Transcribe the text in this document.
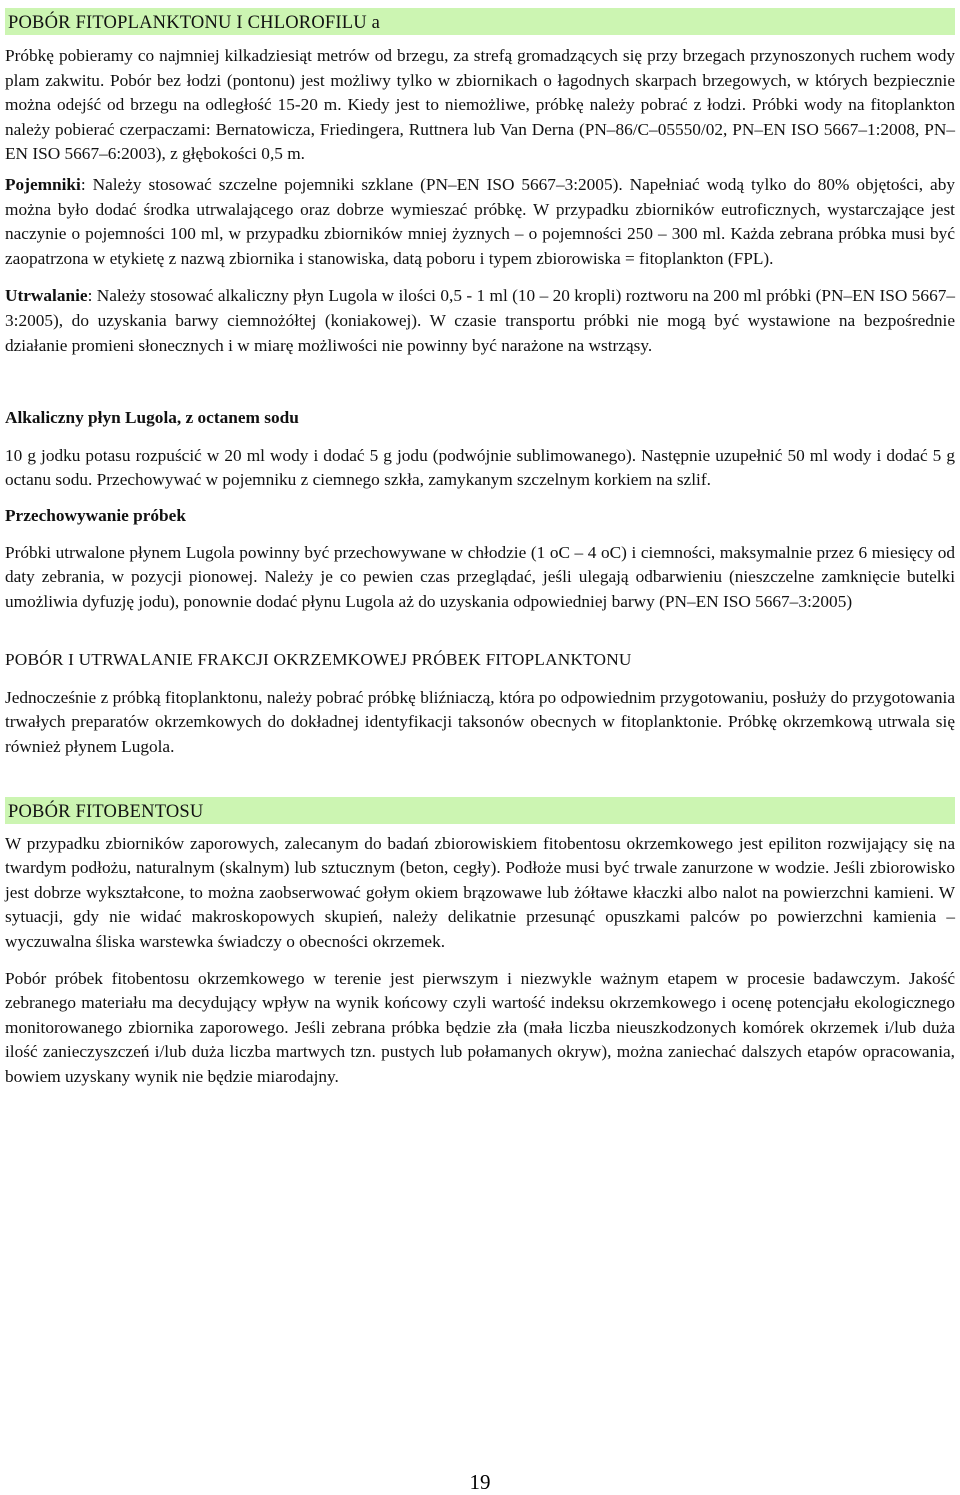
POBÓR FITOPLANKTONU I CHLOROFILU a

Próbkę pobieramy co najmniej kilkadziesiąt metrów od brzegu, za strefą gromadzących się przy brzegach przynoszonych ruchem wody plam zakwitu. Pobór bez łodzi (pontonu) jest możliwy tylko w zbiornikach o łagodnych skarpach brzegowych, w których bezpiecznie można odejść od brzegu na odległość 15-20 m. Kiedy jest to niemożliwe, próbkę należy pobrać z łodzi. Próbki wody na fitoplankton należy pobierać czerpaczami: Bernatowicza, Friedingera, Ruttnera lub Van Derna (PN–86/C–05550/02, PN–EN ISO 5667–1:2008, PN–EN ISO 5667–6:2003), z głębokości 0,5 m.

Pojemniki: Należy stosować szczelne pojemniki szklane (PN–EN ISO 5667–3:2005). Napełniać wodą tylko do 80% objętości, aby można było dodać środka utrwalającego oraz dobrze wymieszać próbkę. W przypadku zbiorników eutroficznych, wystarczające jest naczynie o pojemności 100 ml, w przypadku zbiorników mniej żyznych – o pojemności 250 – 300 ml. Każda zebrana próbka musi być zaopatrzona w etykietę z nazwą zbiornika i stanowiska, datą poboru i typem zbiorowiska = fitoplankton (FPL).

Utrwalanie: Należy stosować alkaliczny płyn Lugola w ilości 0,5 - 1 ml (10 – 20 kropli) roztworu na 200 ml próbki (PN–EN ISO 5667–3:2005), do uzyskania barwy ciemnożółtej (koniakowej). W czasie transportu próbki nie mogą być wystawione na bezpośrednie działanie promieni słonecznych i w miarę możliwości nie powinny być narażone na wstrząsy.

Alkaliczny płyn Lugola, z octanem sodu

10 g jodku potasu rozpuścić w 20 ml wody i dodać 5 g jodu (podwójnie sublimowanego). Następnie uzupełnić 50 ml wody i dodać 5 g octanu sodu. Przechowywać w pojemniku z ciemnego szkła, zamykanym szczelnym korkiem na szlif.

Przechowywanie próbek

Próbki utrwalone płynem Lugola powinny być przechowywane w chłodzie (1 oC – 4 oC) i ciemności, maksymalnie przez 6 miesięcy od daty zebrania, w pozycji pionowej. Należy je co pewien czas przeglądać, jeśli ulegają odbarwieniu (nieszczelne zamknięcie butelki umożliwia dyfuzję jodu), ponownie dodać płynu Lugola aż do uzyskania odpowiedniej barwy (PN–EN ISO 5667–3:2005)

POBÓR I UTRWALANIE FRAKCJI OKRZEMKOWEJ PRÓBEK FITOPLANKTONU

Jednocześnie z próbką fitoplanktonu, należy pobrać próbkę bliźniaczą, która po odpowiednim przygotowaniu, posłuży do przygotowania trwałych preparatów okrzemkowych do dokładnej identyfikacji taksonów obecnych w fitoplanktonie. Próbkę okrzemkową utrwala się również płynem Lugola.

POBÓR FITOBENTOSU

W przypadku zbiorników zaporowych, zalecanym do badań zbiorowiskiem fitobentosu okrzemkowego jest epiliton rozwijający się na twardym podłożu, naturalnym (skalnym) lub sztucznym (beton, cegły). Podłoże musi być trwale zanurzone w wodzie. Jeśli zbiorowisko jest dobrze wykształcone, to można zaobserwować gołym okiem brązowawe lub żółtawe kłaczki albo nalot na powierzchni kamieni. W sytuacji, gdy nie widać makroskopowych skupień, należy delikatnie przesunąć opuszkami palców po powierzchni kamienia – wyczuwalna śliska warstewka świadczy o obecności okrzemek.

Pobór próbek fitobentosu okrzemkowego w terenie jest pierwszym i niezwykle ważnym etapem w procesie badawczym. Jakość zebranego materiału ma decydujący wpływ na wynik końcowy czyli wartość indeksu okrzemkowego i ocenę potencjału ekologicznego monitorowanego zbiornika zaporowego. Jeśli zebrana próbka będzie zła (mała liczba nieuszkodzonych komórek okrzemek i/lub duża ilość zanieczyszczeń i/lub duża liczba martwych tzn. pustych lub połamanych okryw), można zaniechać dalszych etapów opracowania, bowiem uzyskany wynik nie będzie miarodajny.

19
